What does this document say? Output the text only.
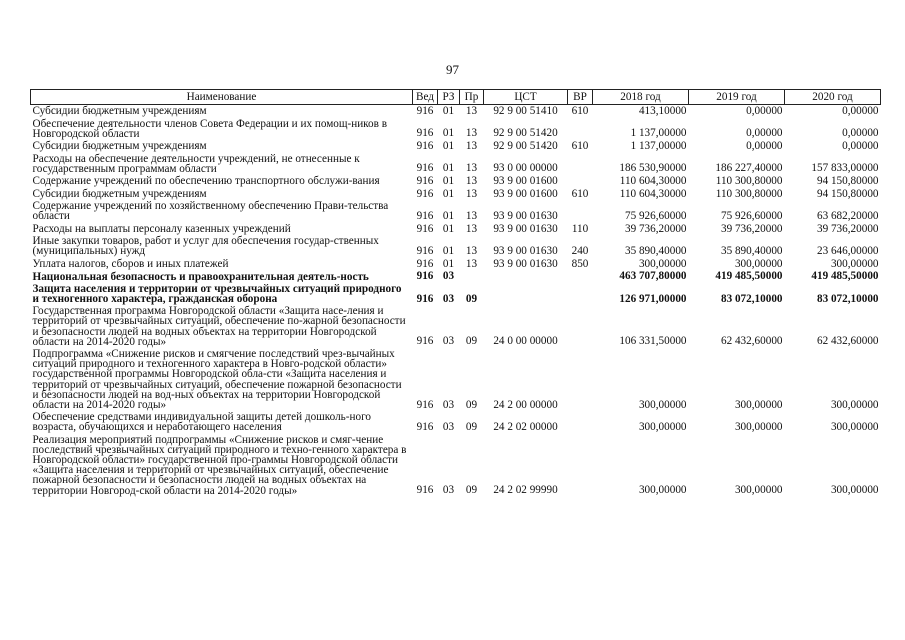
97
Наименование	Вед	РЗ	Пр	ЦСТ	ВР	2018 год	2019 год	2020 год
Субсидии бюджетным учреждениям	916	01	13	92 9 00 51410	610	413,10000	0,00000	0,00000
Обеспечение деятельности членов Совета Федерации и их помощ-ников в Новгородской области	916	01	13	92 9 00 51420		1 137,00000	0,00000	0,00000
Субсидии бюджетным учреждениям	916	01	13	92 9 00 51420	610	1 137,00000	0,00000	0,00000
Расходы на обеспечение деятельности учреждений, не отнесенные к государственным программам области	916	01	13	93 0 00 00000		186 530,90000	186 227,40000	157 833,00000
Содержание учреждений по обеспечению транспортного обслужи-вания	916	01	13	93 9 00 01600		110 604,30000	110 300,80000	94 150,80000
Субсидии бюджетным учреждениям	916	01	13	93 9 00 01600	610	110 604,30000	110 300,80000	94 150,80000
Содержание учреждений по хозяйственному обеспечению Прави-тельства области	916	01	13	93 9 00 01630		75 926,60000	75 926,60000	63 682,20000
Расходы на выплаты персоналу казенных учреждений	916	01	13	93 9 00 01630	110	39 736,20000	39 736,20000	39 736,20000
Иные закупки товаров, работ и услуг для обеспечения государ-ственных (муниципальных) нужд	916	01	13	93 9 00 01630	240	35 890,40000	35 890,40000	23 646,00000
Уплата налогов, сборов и иных платежей	916	01	13	93 9 00 01630	850	300,00000	300,00000	300,00000
Национальная безопасность и правоохранительная деятель-ность	916	03				463 707,80000	419 485,50000	419 485,50000
Защита населения и территории от чрезвычайных ситуаций природного и техногенного характера, гражданская оборона	916	03	09			126 971,00000	83 072,10000	83 072,10000
Государственная программа Новгородской области «Защита насе-ления и территорий от чрезвычайных ситуаций, обеспечение по-жарной безопасности и безопасности людей на водных объектах на территории Новгородской области на 2014-2020 годы»	916	03	09	24 0 00 00000		106 331,50000	62 432,60000	62 432,60000
Подпрограмма «Снижение рисков и смягчение последствий чрез-вычайных ситуаций природного и техногенного характера в Новго-родской области» государственной программы Новгородской обла-сти «Защита населения и территорий от чрезвычайных ситуаций, обеспечение пожарной безопасности и безопасности людей на вод-ных объектах на территории Новгородской области на 2014-2020 годы»	916	03	09	24 2 00 00000		300,00000	300,00000	300,00000
Обеспечение средствами индивидуальной защиты детей дошколь-ного возраста, обучающихся и неработающего населения	916	03	09	24 2 02 00000		300,00000	300,00000	300,00000
Реализация мероприятий подпрограммы «Снижение рисков и смяг-чение последствий чрезвычайных ситуаций природного и техно-генного характера в Новгородской области» государственной про-граммы Новгородской области «Защита населения и территорий от чрезвычайных ситуаций, обеспечение пожарной безопасности и безопасности людей на водных объектах на территории Новгород-ской области на 2014-2020 годы»	916	03	09	24 2 02 99990		300,00000	300,00000	300,00000
